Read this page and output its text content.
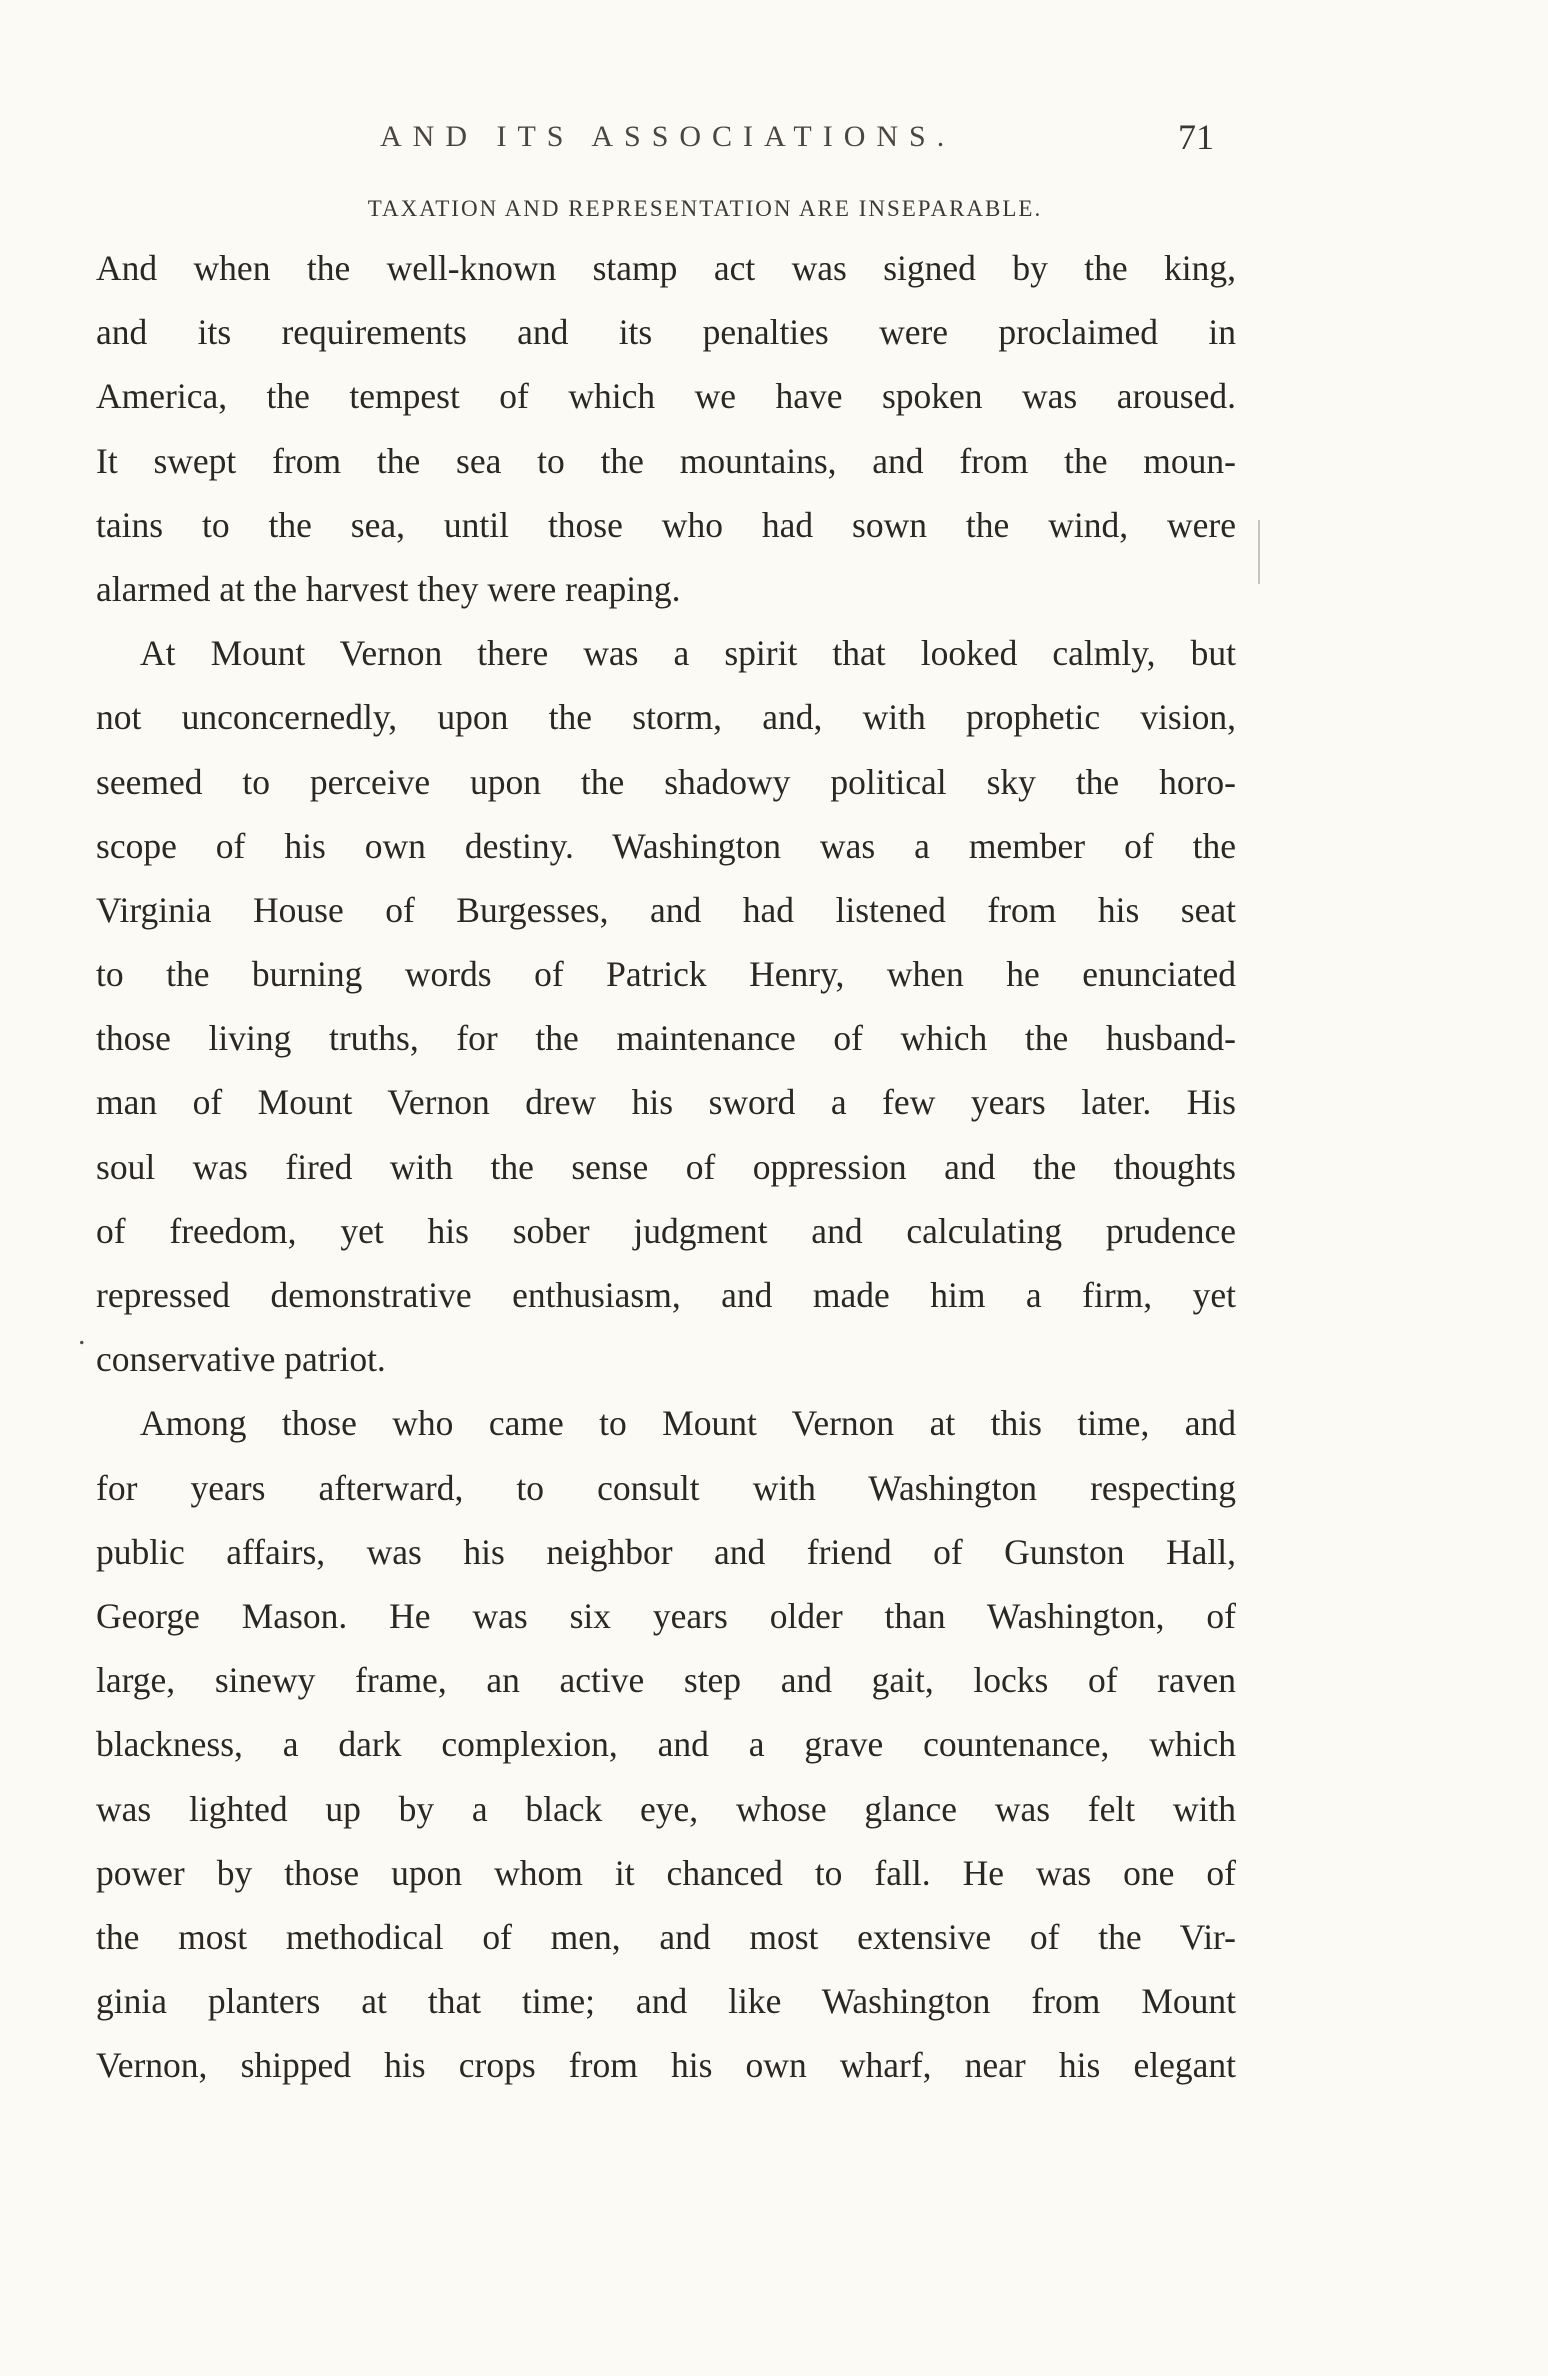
AND ITS ASSOCIATIONS.	71
TAXATION AND REPRESENTATION ARE INSEPARABLE.
.
And when the well-known stamp act was signed by the king,
and its requirements and its penalties were proclaimed in
America, the tempest of which we have spoken was aroused.
It swept from the sea to the mountains, and from the moun-
tains to the sea, until those who had sown the wind, were
alarmed at the harvest they were reaping.
At Mount Vernon there was a spirit that looked calmly, but
not unconcernedly, upon the storm, and, with prophetic vision,
seemed to perceive upon the shadowy political sky the horo-
scope of his own destiny. Washington was a member of the
Virginia House of Burgesses, and had listened from his seat
to the burning words of Patrick Henry, when he enunciated
those living truths, for the maintenance of which the husband-
man of Mount Vernon drew his sword a few years later. His
soul was fired with the sense of oppression and the thoughts
of freedom, yet his sober judgment and calculating prudence
repressed demonstrative enthusiasm, and made him a firm, yet
conservative patriot.
Among those who came to Mount Vernon at this time, and
for years afterward, to consult with Washington respecting
public affairs, was his neighbor and friend of Gunston Hall,
George Mason. He was six years older than Washington, of
large, sinewy frame, an active step and gait, locks of raven
blackness, a dark complexion, and a grave countenance, which
was lighted up by a black eye, whose glance was felt with
power by those upon whom it chanced to fall. He was one of
the most methodical of men, and most extensive of the Vir-
ginia planters at that time; and like Washington from Mount
Vernon, shipped his crops from his own wharf, near his elegant
